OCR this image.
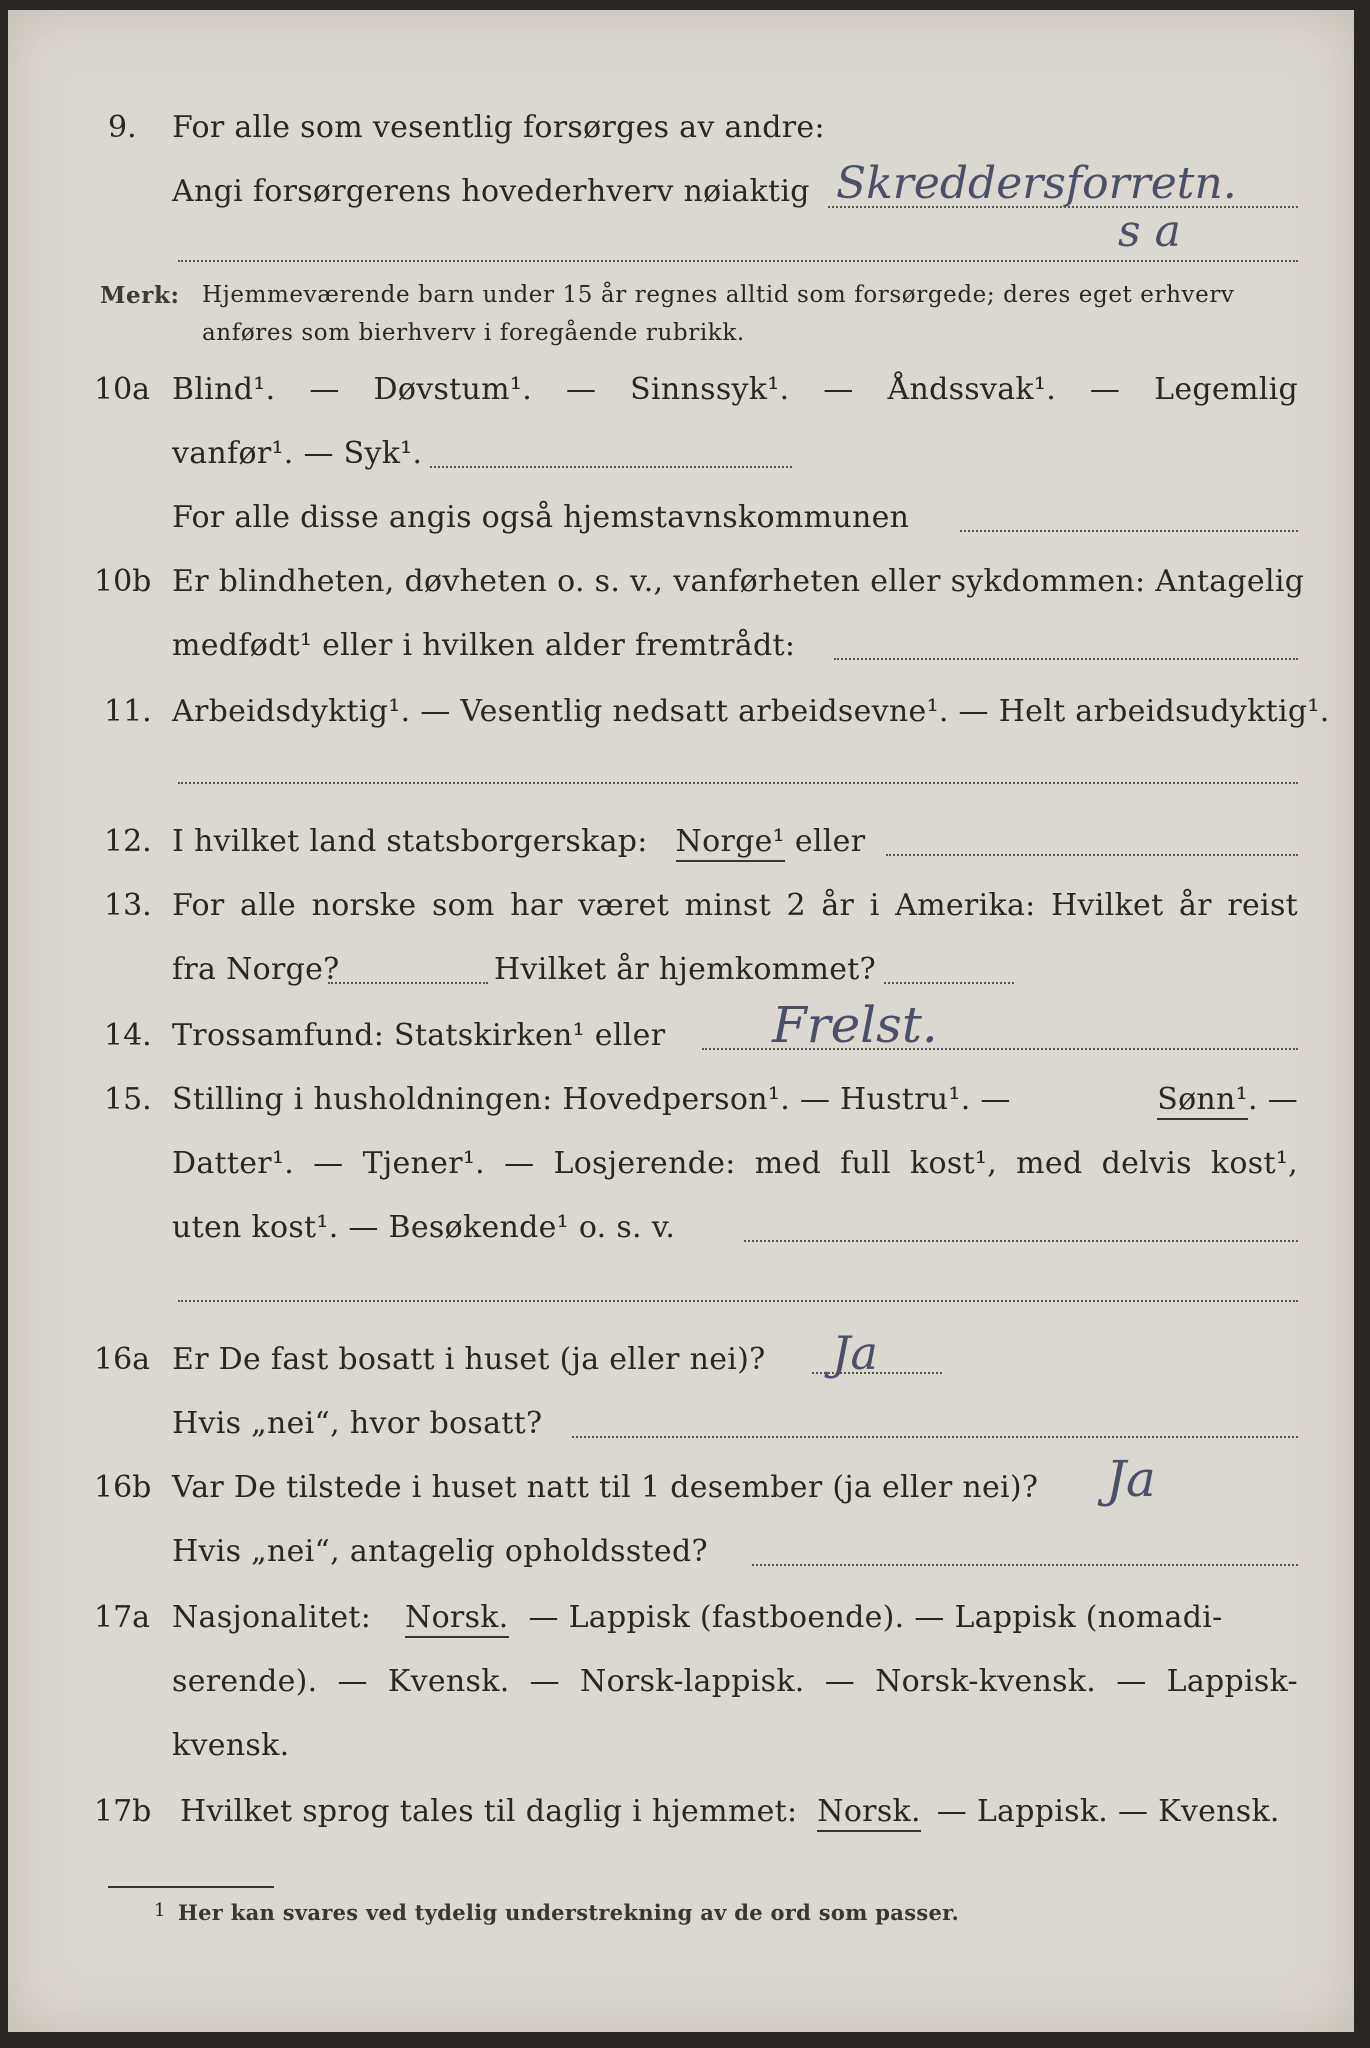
9. For alle som vesentlig forsørges av andre:
Angi forsørgerens hovederhverv nøiaktig Skreddersforretn.
s a
Merk: Hjemmeværende barn under 15 år regnes alltid som forsørgede; deres eget erhverv
anføres som bierhverv i foregående rubrikk.
10a Blind¹. — Døvstum¹. — Sinnssyk¹. — Åndssvak¹. — Legemlig
vanfør¹. — Syk¹.
For alle disse angis også hjemstavnskommunen
10b Er blindheten, døvheten o. s. v., vanførheten eller sykdommen: Antagelig
medfødt¹ eller i hvilken alder fremtrådt:
11. Arbeidsdyktig¹. — Vesentlig nedsatt arbeidsevne¹. — Helt arbeidsudyktig¹.
12. I hvilket land statsborgerskap: Norge¹ eller
13. For alle norske som har været minst 2 år i Amerika: Hvilket år reist
fra Norge?	Hvilket år hjemkommet?
14. Trossamfund: Statskirken¹ eller Frelst.
15. Stilling i husholdningen: Hovedperson¹. — Hustru¹. —	Sønn¹. —
Datter¹. — Tjener¹. — Losjerende: med full kost¹, med delvis kost¹,
uten kost¹. — Besøkende¹ o. s. v.
16a Er De fast bosatt i huset (ja eller nei)? Ja
Hvis „nei“, hvor bosatt?
16b Var De tilstede i huset natt til 1 desember (ja eller nei)? Ja
Hvis „nei“, antagelig opholdssted?
17a Nasjonalitet: Norsk. — Lappisk (fastboende). — Lappisk (nomadi-
serende). — Kvensk. — Norsk-lappisk. — Norsk-kvensk. — Lappisk-
kvensk.
17b Hvilket sprog tales til daglig i hjemmet: Norsk. — Lappisk. — Kvensk.
1 Her kan svares ved tydelig understrekning av de ord som passer.
